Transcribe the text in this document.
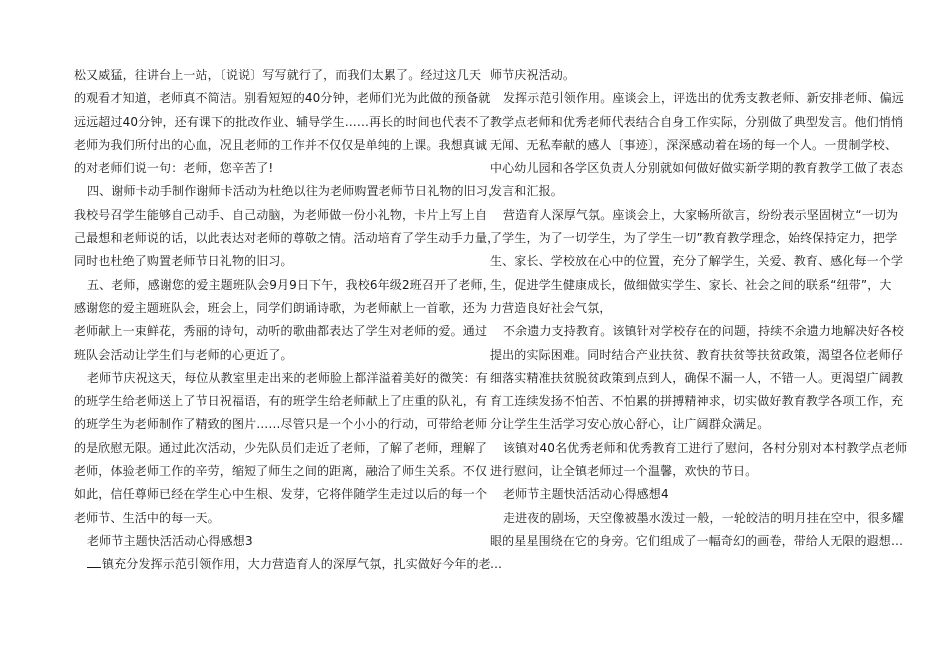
松又威猛，往讲台上一站，〔说说〕写写就行了，而我们太累了。经过这几天
的观看才知道，老师真不简洁。别看短短的40分钟，老师们光为此做的预备就
远远超过40分钟，还有课下的批改作业、辅导学生……再长的时间也代表不了
老师为我们所付出的心血，况且老师的工作并不仅仅是单纯的上课。我想真诚
的对老师们说一句：老师，您辛苦了!
四、谢师卡动手制作谢师卡活动为杜绝以往为老师购置老师节日礼物的旧习，
我校号召学生能够自己动手、自己动脑，为老师做一份小礼物，卡片上写上自
己最想和老师说的话，以此表达对老师的尊敬之情。活动培育了学生动手力量，
同时也杜绝了购置老师节日礼物的旧习。
五、老师，感谢您的爱主题班队会9月9日下午，我校6年级2班召开了老师，
感谢您的爱主题班队会，班会上，同学们朗诵诗歌，为老师献上一首歌，还为
老师献上一束鲜花，秀丽的诗句，动听的歌曲都表达了学生对老师的爱。通过
班队会活动让学生们与老师的心更近了。
老师节庆祝这天，每位从教室里走出来的老师脸上都洋溢着美好的微笑：有
的班学生给老师送上了节日祝福语，有的班学生给老师献上了庄重的队礼，有
的班学生为老师制作了精致的图片……尽管只是一个小小的行动，可带给老师
的是欣慰无限。通过此次活动，少先队员们走近了老师，了解了老师，理解了
老师，体验老师工作的辛劳，缩短了师生之间的距离，融洽了师生关系。不仅
如此，信任尊师已经在学生心中生根、发芽，它将伴随学生走过以后的每一个
老师节、生活中的每一天。
老师节主题快活活动心得感想3
镇充分发挥示范引领作用，大力营造育人的深厚气氛，扎实做好今年的老
师节庆祝活动。
发挥示范引领作用。座谈会上，评选出的优秀支教老师、新安排老师、偏远
教学点老师和优秀老师代表结合自身工作实际，分别做了典型发言。他们悄悄
无闻、无私奉献的感人〔事迹〕，深深感动着在场的每一个人。一贯制学校、
中心幼儿园和各学区负责人分别就如何做好做实新学期的教育教学工做了表态
发言和汇报。
营造育人深厚气氛。座谈会上，大家畅所欲言，纷纷表示坚固树立“一切为
了学生，为了一切学生，为了学生一切”教育教学理念，始终保持定力，把学
生、家长、学校放在心中的位置，充分了解学生，关爱、教育、感化每一个学
生，促进学生健康成长，做细做实学生、家长、社会之间的联系“纽带”，大
力营造良好社会气氛，
不余遗力支持教育。该镇针对学校存在的问题，持续不余遗力地解决好各校
提出的实际困难。同时结合产业扶贫、教育扶贫等扶贫政策，渴望各位老师仔
细落实精准扶贫脱贫政策到点到人，确保不漏一人，不错一人。更渴望广阔教
育工连续发扬不怕苦、不怕累的拼搏精神求，切实做好教育教学各项工作，充
分让学生生活学习安心放心舒心，让广阔群众满足。
该镇对40名优秀老师和优秀教育工进行了慰问，各村分别对本村教学点老师
进行慰问，让全镇老师过一个温馨，欢快的节日。
老师节主题快活活动心得感想4
走进夜的剧场，天空像被墨水泼过一般，一轮皎洁的明月挂在空中，很多耀
眼的星星围绕在它的身旁。它们组成了一幅奇幻的画卷，带给人无限的遐想…
…
